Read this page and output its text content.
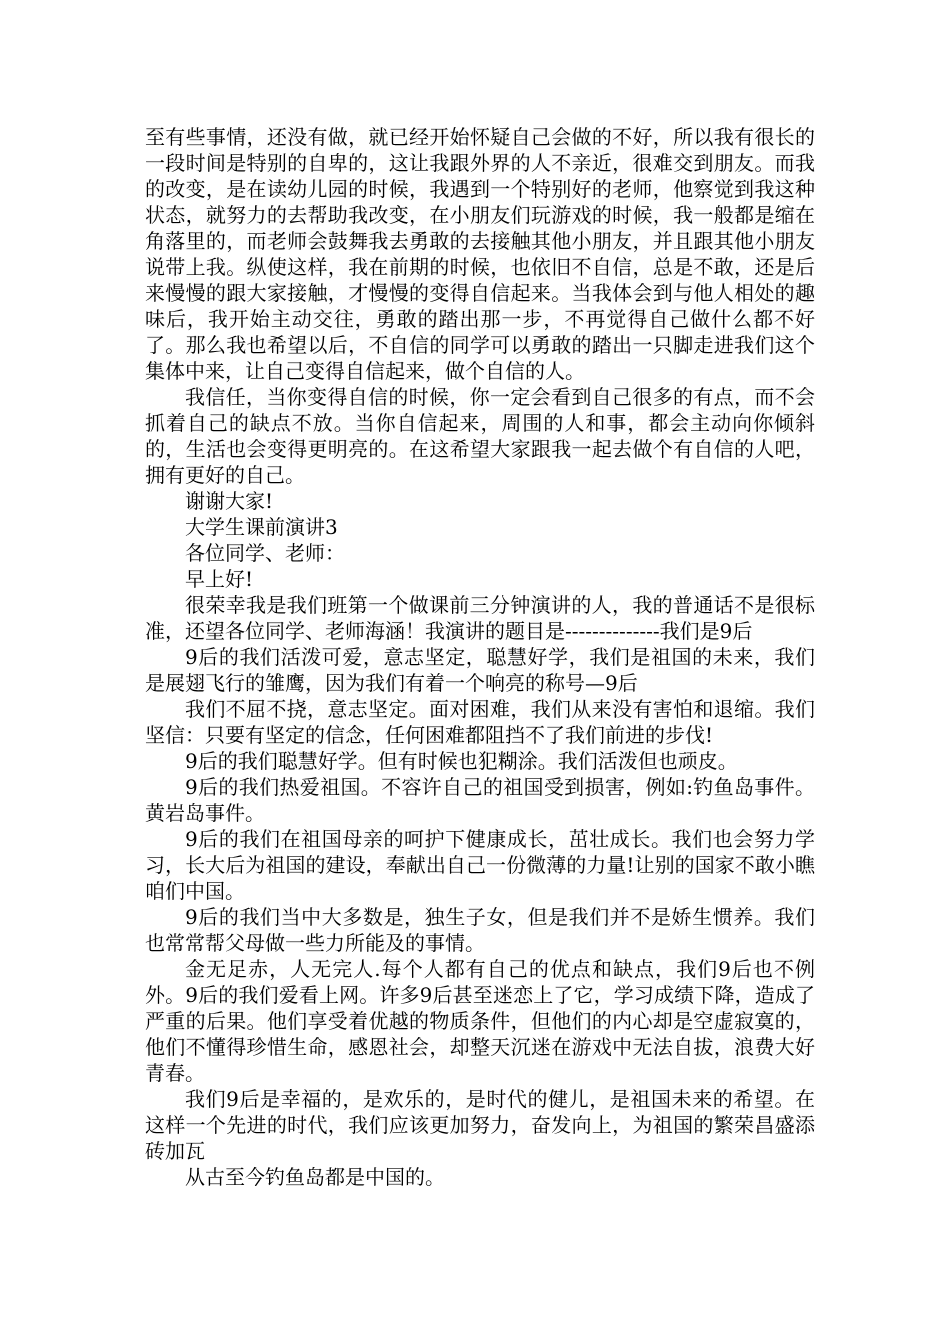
至有些事情，还没有做，就已经开始怀疑自己会做的不好，所以我有很长的一段时间是特别的自卑的，这让我跟外界的人不亲近，很难交到朋友。而我的改变，是在读幼儿园的时候，我遇到一个特别好的老师，他察觉到我这种状态，就努力的去帮助我改变，在小朋友们玩游戏的时候，我一般都是缩在角落里的，而老师会鼓舞我去勇敢的去接触其他小朋友，并且跟其他小朋友说带上我。纵使这样，我在前期的时候，也依旧不自信，总是不敢，还是后来慢慢的跟大家接触，才慢慢的变得自信起来。当我体会到与他人相处的趣味后，我开始主动交往，勇敢的踏出那一步，不再觉得自己做什么都不好了。那么我也希望以后，不自信的同学可以勇敢的踏出一只脚走进我们这个集体中来，让自己变得自信起来，做个自信的人。

我信任，当你变得自信的时候，你一定会看到自己很多的有点，而不会抓着自己的缺点不放。当你自信起来，周围的人和事，都会主动向你倾斜的，生活也会变得更明亮的。在这希望大家跟我一起去做个有自信的人吧，拥有更好的自己。

谢谢大家!

大学生课前演讲3

各位同学、老师：

早上好!

很荣幸我是我们班第一个做课前三分钟演讲的人，我的普通话不是很标准，还望各位同学、老师海涵！我演讲的题目是--------------我们是9后

9后的我们活泼可爱，意志坚定，聪慧好学，我们是祖国的未来，我们是展翅飞行的雏鹰，因为我们有着一个响亮的称号—9后

我们不屈不挠，意志坚定。面对困难，我们从来没有害怕和退缩。我们坚信：只要有坚定的信念，任何困难都阻挡不了我们前进的步伐!

9后的我们聪慧好学。但有时候也犯糊涂。我们活泼但也顽皮。

9后的我们热爱祖国。不容许自己的祖国受到损害，例如:钓鱼岛事件。黄岩岛事件。

9后的我们在祖国母亲的呵护下健康成长，茁壮成长。我们也会努力学习，长大后为祖国的建设，奉献出自己一份微薄的力量!让别的国家不敢小瞧咱们中国。

9后的我们当中大多数是，独生子女，但是我们并不是娇生惯养。我们也常常帮父母做一些力所能及的事情。

金无足赤，人无完人.每个人都有自己的优点和缺点，我们9后也不例外。9后的我们爱看上网。许多9后甚至迷恋上了它，学习成绩下降，造成了严重的后果。他们享受着优越的物质条件，但他们的内心却是空虚寂寞的，他们不懂得珍惜生命，感恩社会，却整天沉迷在游戏中无法自拔，浪费大好青春。

我们9后是幸福的，是欢乐的，是时代的健儿，是祖国未来的希望。在这样一个先进的时代，我们应该更加努力，奋发向上，为祖国的繁荣昌盛添砖加瓦

从古至今钓鱼岛都是中国的。
